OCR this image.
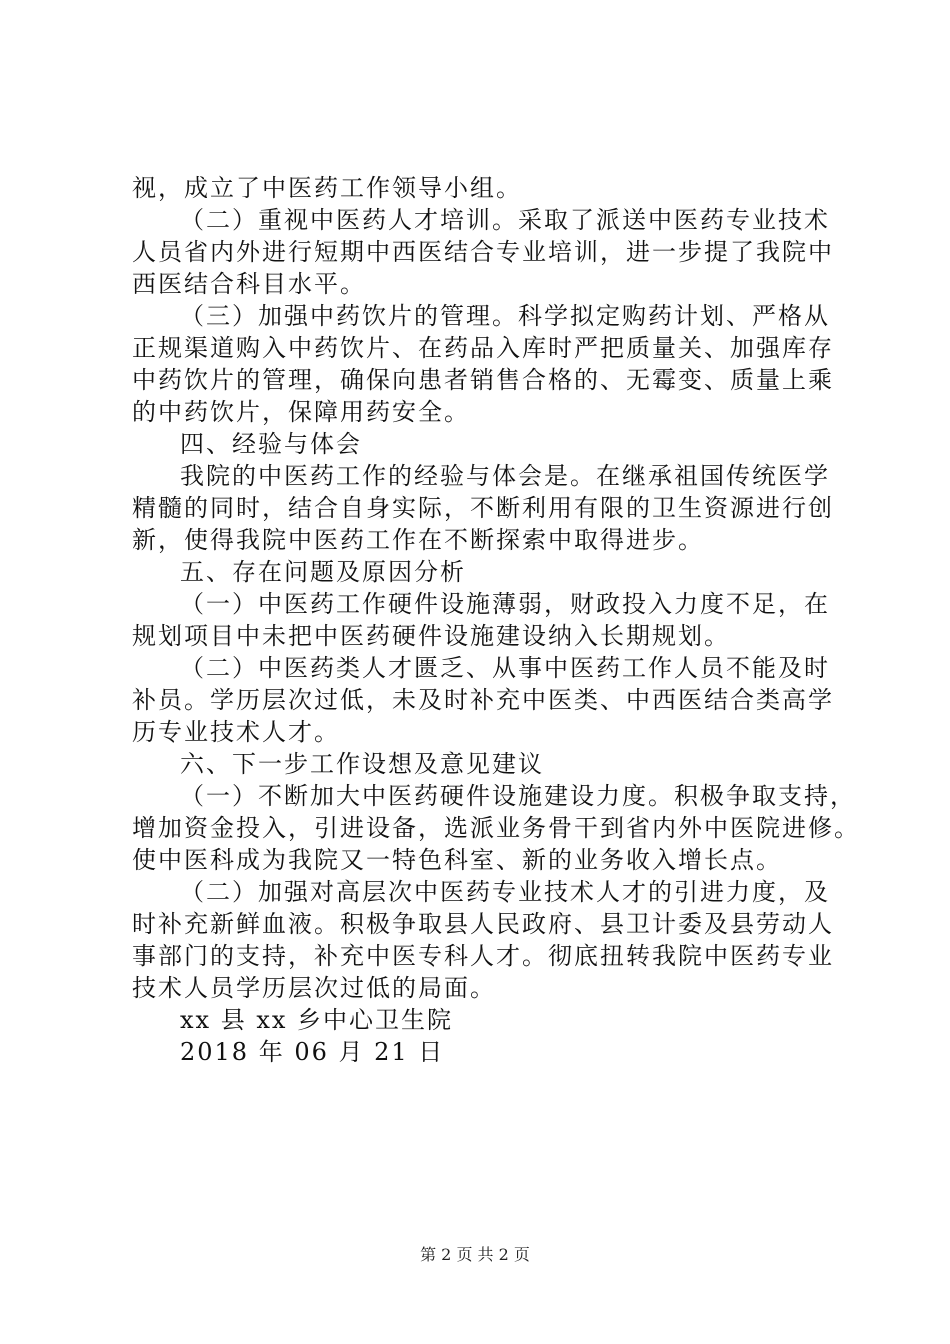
视，成立了中医药工作领导小组。
（二）重视中医药人才培训。采取了派送中医药专业技术
人员省内外进行短期中西医结合专业培训，进一步提了我院中
西医结合科目水平。
（三）加强中药饮片的管理。科学拟定购药计划、严格从
正规渠道购入中药饮片、在药品入库时严把质量关、加强库存
中药饮片的管理，确保向患者销售合格的、无霉变、质量上乘
的中药饮片，保障用药安全。
四、经验与体会
我院的中医药工作的经验与体会是。在继承祖国传统医学
精髓的同时，结合自身实际，不断利用有限的卫生资源进行创
新，使得我院中医药工作在不断探索中取得进步。
五、存在问题及原因分析
（一）中医药工作硬件设施薄弱，财政投入力度不足，在
规划项目中未把中医药硬件设施建设纳入长期规划。
（二）中医药类人才匮乏、从事中医药工作人员不能及时
补员。学历层次过低，未及时补充中医类、中西医结合类高学
历专业技术人才。
六、下一步工作设想及意见建议
（一）不断加大中医药硬件设施建设力度。积极争取支持，
增加资金投入，引进设备，选派业务骨干到省内外中医院进修。
使中医科成为我院又一特色科室、新的业务收入增长点。
（二）加强对高层次中医药专业技术人才的引进力度，及
时补充新鲜血液。积极争取县人民政府、县卫计委及县劳动人
事部门的支持，补充中医专科人才。彻底扭转我院中医药专业
技术人员学历层次过低的局面。
xx 县 xx 乡中心卫生院
2018 年 06 月 21 日
第 2 页 共 2 页
